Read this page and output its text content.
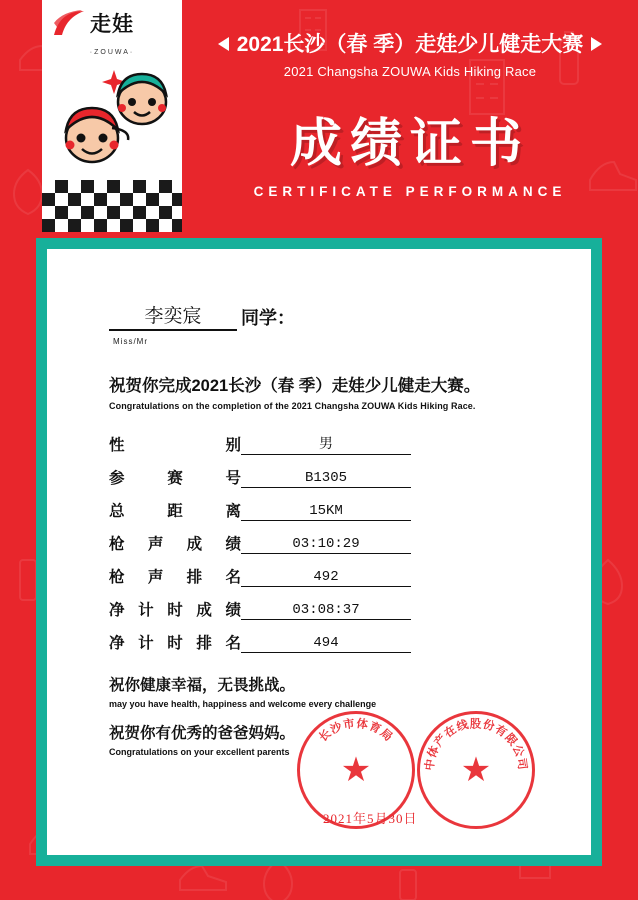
走娃
·ZOUWA·	2021长沙（春 季）走娃少儿健走大赛
2021 Changsha ZOUWA Kids Hiking Race
成绩证书
CERTIFICATE PERFORMANCE
李奕宸	同学：
Miss/Mr
祝贺你完成2021长沙（春 季）走娃少儿健走大赛。
Congratulations on the completion of the 2021 Changsha ZOUWA Kids Hiking Race.
性	别	男
参	赛	号	B1305
总	距	离	15KM
枪 声 成 绩	03:10:29
枪 声 排 名	492
净 计 时 成 绩	03:08:37
净 计 时 排 名	494
祝你健康幸福，无畏挑战。
may you have health, happiness and welcome every challenge
祝贺你有优秀的爸爸妈妈。
Congratulations on your excellent parents
长沙市体育局
★	中体产在线股份有限公司
★
2021年5月30日
